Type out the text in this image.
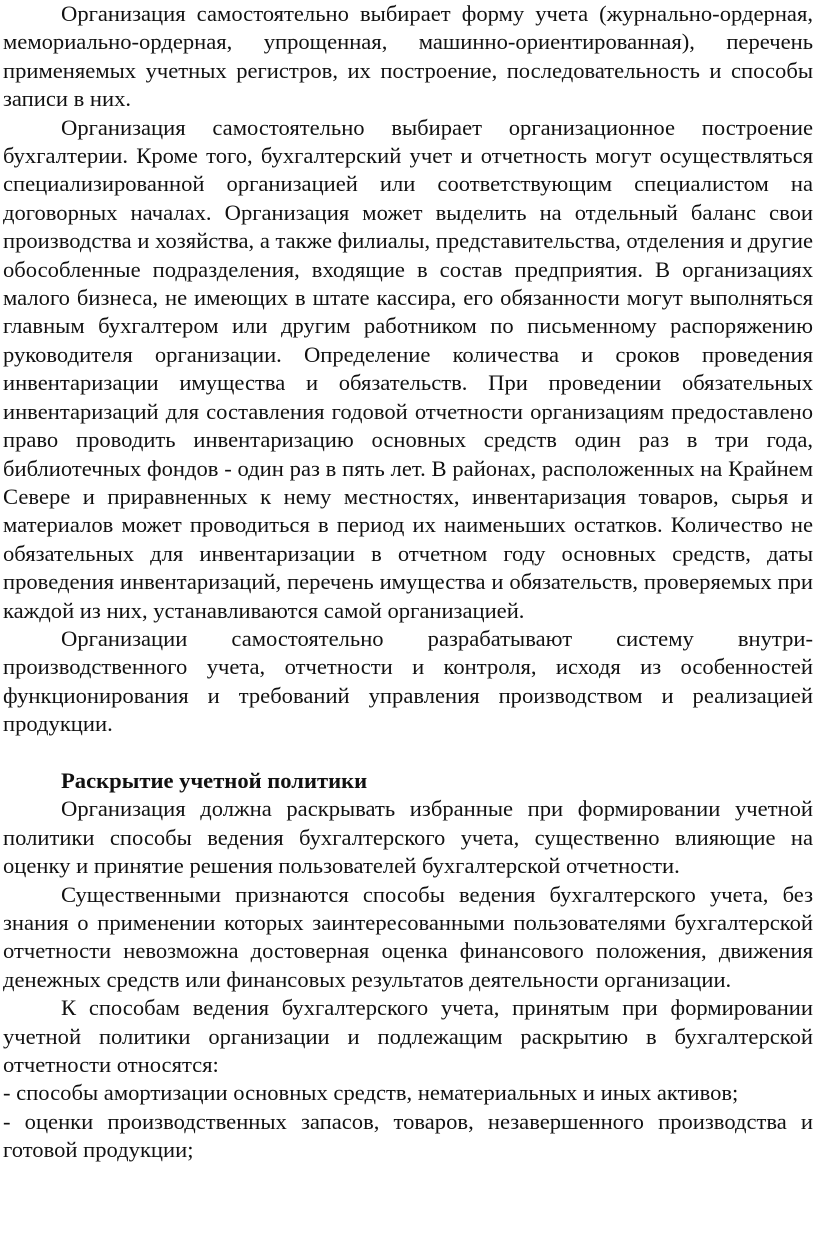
Организация самостоятельно выбирает форму учета (журнально-ордерная, мемориально-ордерная, упрощенная, машинно-ориентированная), перечень применяемых учетных регистров, их построение, последовательность и способы записи в них.

Организация самостоятельно выбирает организационное построение бухгалтерии. Кроме того, бухгалтерский учет и отчетность могут осуществляться специализированной организацией или соответствующим специалистом на договорных началах. Организация может выделить на отдельный баланс свои производства и хозяйства, а также филиалы, представительства, отделения и другие обособленные подразделения, входящие в состав предприятия. В организациях малого бизнеса, не имеющих в штате кассира, его обязанности могут выполняться главным бухгалтером или другим работником по письменному распоряжению руководителя организации. Определение количества и сроков проведения инвентаризации имущества и обязательств. При проведении обязательных инвентаризаций для составления годовой отчетности организациям предоставлено право проводить инвентаризацию основных средств один раз в три года, библиотечных фондов - один раз в пять лет. В районах, расположенных на Крайнем Севере и приравненных к нему местностях, инвентаризация товаров, сырья и материалов может проводиться в период их наименьших остатков. Количество не обязательных для инвентаризации в отчетном году основных средств, даты проведения инвентаризаций, перечень имущества и обязательств, проверяемых при каждой из них, устанавливаются самой организацией.

Организации самостоятельно разрабатывают систему внутри-производственного учета, отчетности и контроля, исходя из особенностей функционирования и требований управления производством и реализацией продукции.

Раскрытие учетной политики

Организация должна раскрывать избранные при формировании учетной политики способы ведения бухгалтерского учета, существенно влияющие на оценку и принятие решения пользователей бухгалтерской отчетности.

Существенными признаются способы ведения бухгалтерского учета, без знания о применении которых заинтересованными пользователями бухгалтерской отчетности невозможна достоверная оценка финансового положения, движения денежных средств или финансовых результатов деятельности организации.

К способам ведения бухгалтерского учета, принятым при формировании учетной политики организации и подлежащим раскрытию в бухгалтерской отчетности относятся:

- способы амортизации основных средств, нематериальных и иных активов;

- оценки производственных запасов, товаров, незавершенного производства и готовой продукции;
